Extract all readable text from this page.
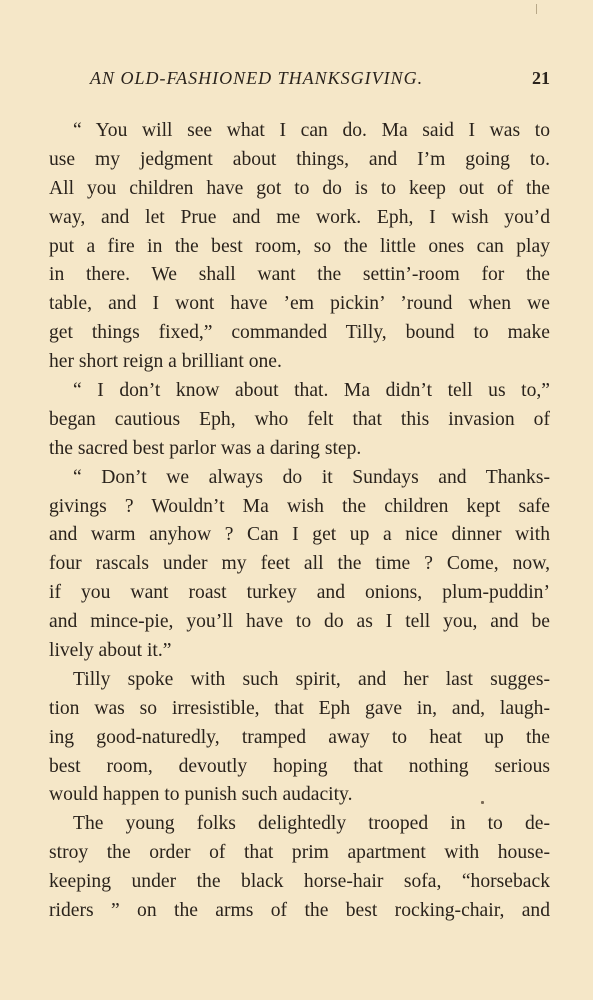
AN OLD-FASHIONED THANKSGIVING.	21
“ You will see what I can do. Ma said I was to
use my jedgment about things, and I’m going to.
All you children have got to do is to keep out of the
way, and let Prue and me work. Eph, I wish you’d
put a fire in the best room, so the little ones can play
in there. We shall want the settin’-room for the
table, and I wont have ’em pickin’ ’round when we
get things fixed,” commanded Tilly, bound to make
her short reign a brilliant one.
“ I don’t know about that. Ma didn’t tell us to,”
began cautious Eph, who felt that this invasion of
the sacred best parlor was a daring step.
“ Don’t we always do it Sundays and Thanks-
givings ? Wouldn’t Ma wish the children kept safe
and warm anyhow ? Can I get up a nice dinner with
four rascals under my feet all the time ? Come, now,
if you want roast turkey and onions, plum-puddin’
and mince-pie, you’ll have to do as I tell you, and be
lively about it.”
Tilly spoke with such spirit, and her last sugges-
tion was so irresistible, that Eph gave in, and, laugh-
ing good-naturedly, tramped away to heat up the
best room, devoutly hoping that nothing serious
would happen to punish such audacity.
The young folks delightedly trooped in to de-
stroy the order of that prim apartment with house-
keeping under the black horse-hair sofa, “horseback
riders ” on the arms of the best rocking-chair, and
